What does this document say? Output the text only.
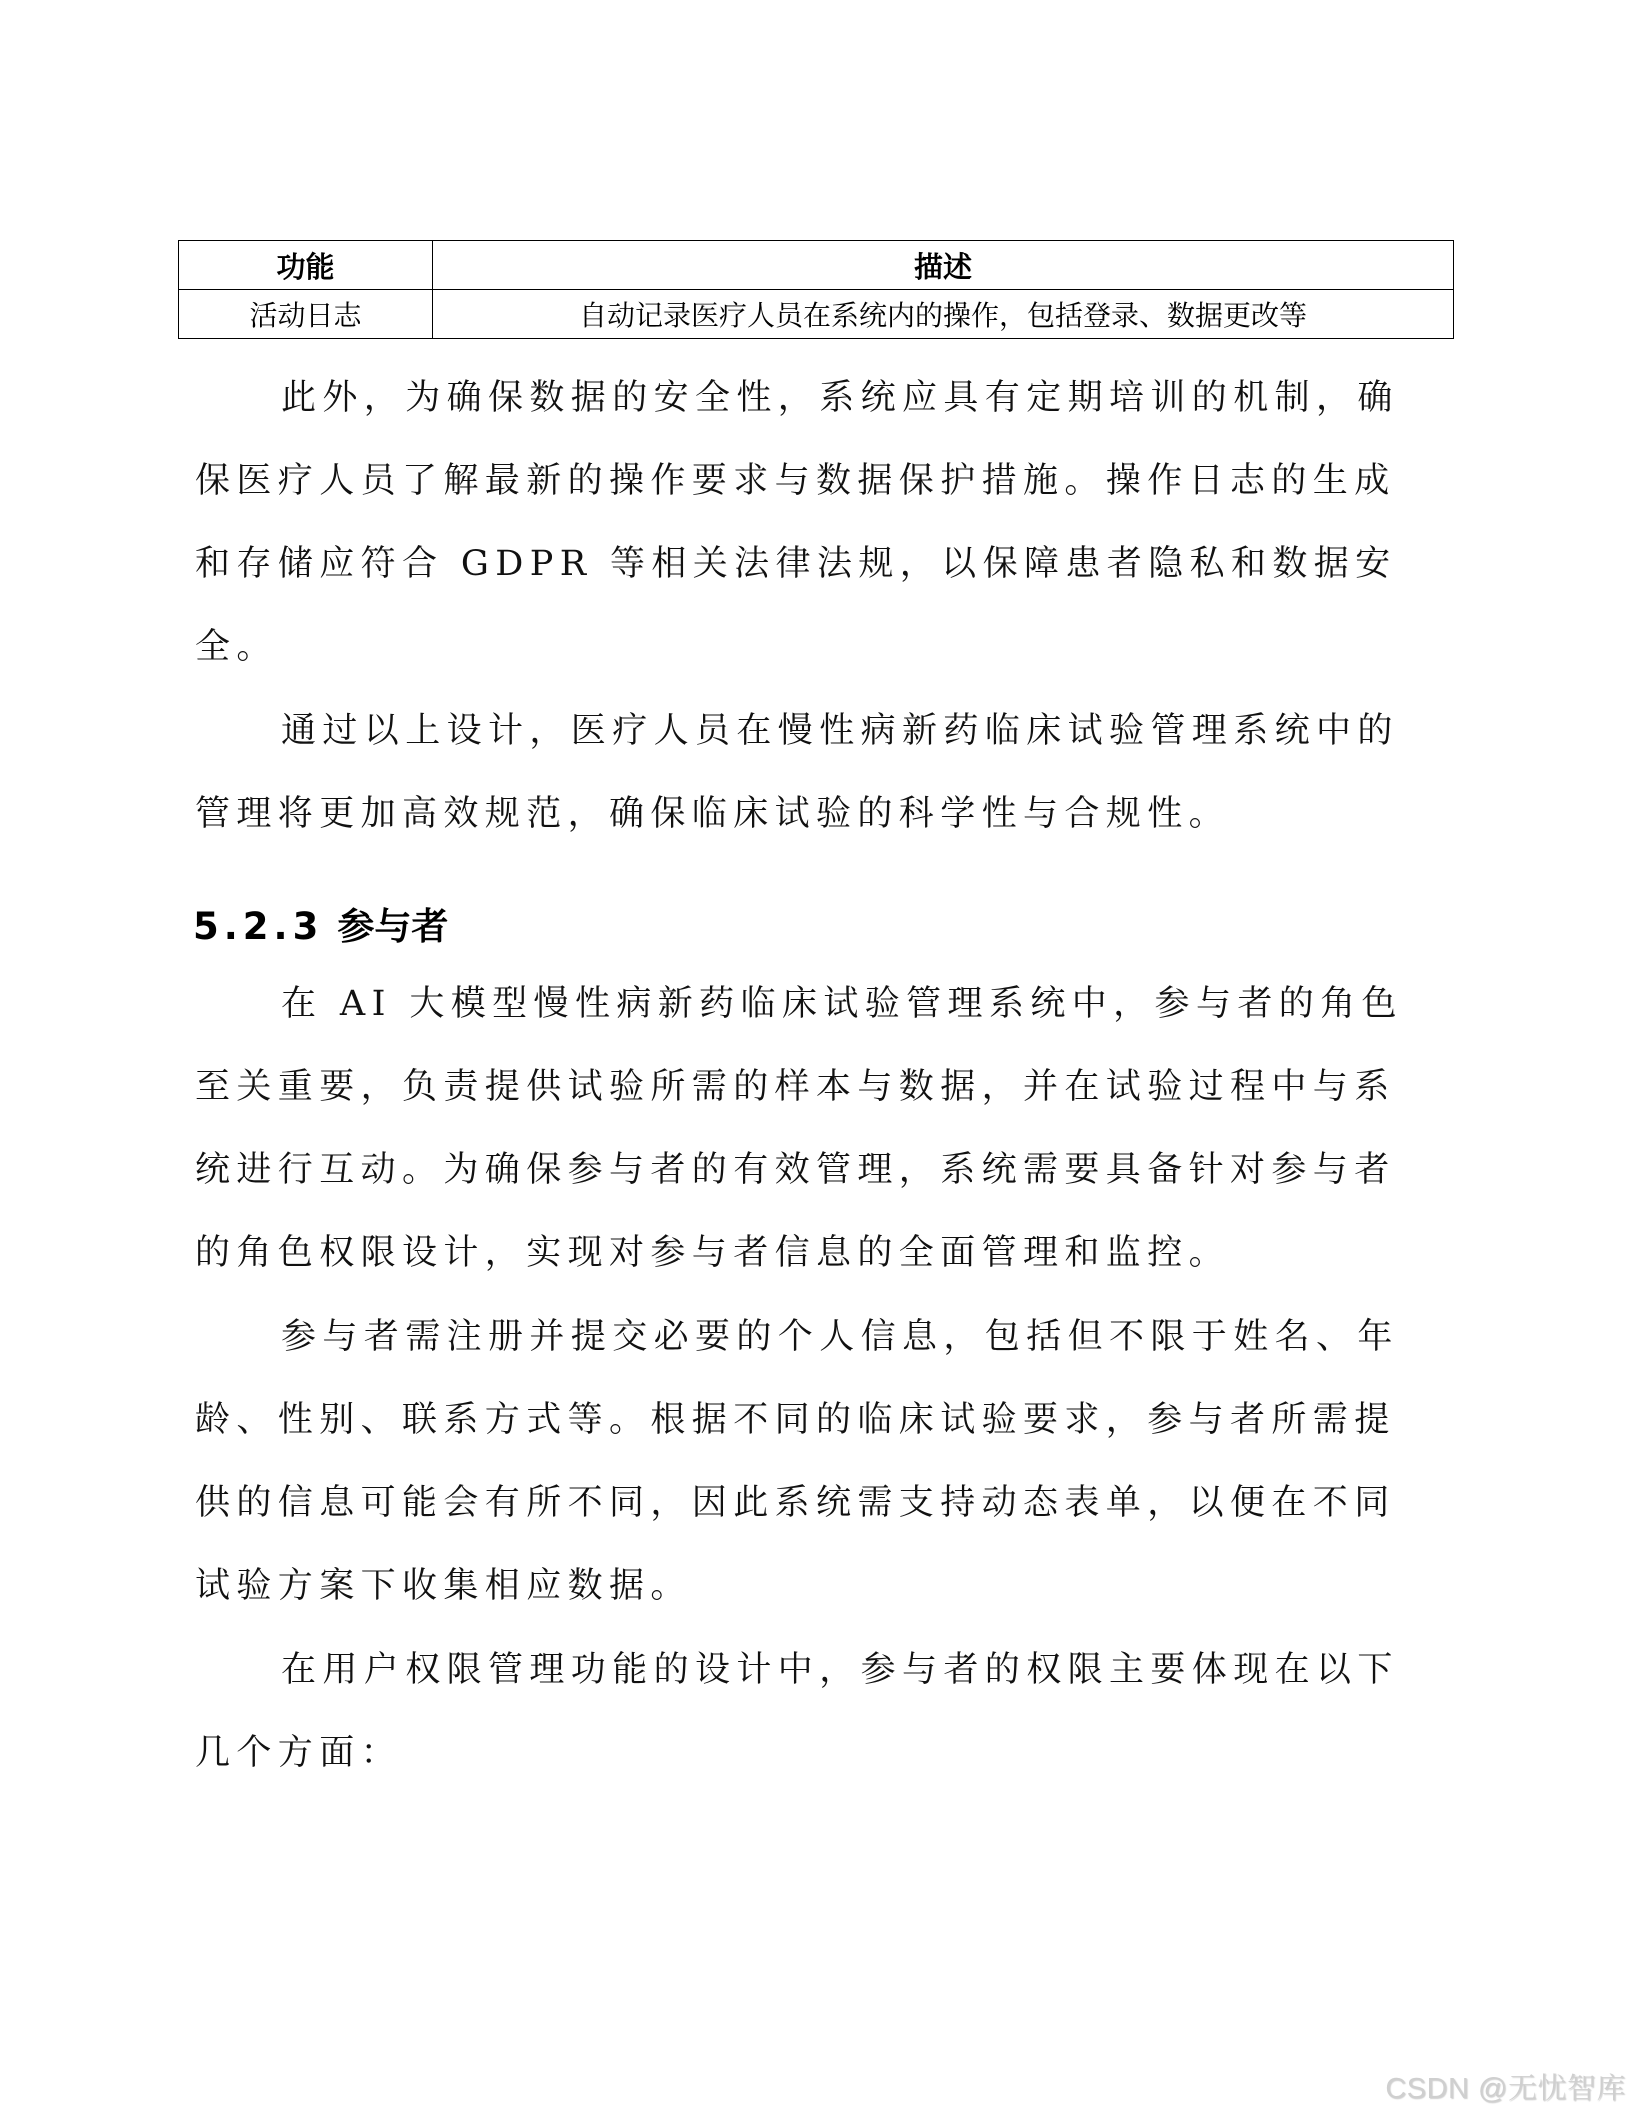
功能	描述
活动日志	自动记录医疗人员在系统内的操作，包括登录、数据更改等

此外，为确保数据的安全性，系统应具有定期培训的机制，确
保医疗人员了解最新的操作要求与数据保护措施。操作日志的生成
和存储应符合 GDPR 等相关法律法规，以保障患者隐私和数据安
全。

通过以上设计，医疗人员在慢性病新药临床试验管理系统中的
管理将更加高效规范，确保临床试验的科学性与合规性。

5.2.3 参与者

在 AI 大模型慢性病新药临床试验管理系统中，参与者的角色
至关重要，负责提供试验所需的样本与数据，并在试验过程中与系
统进行互动。为确保参与者的有效管理，系统需要具备针对参与者
的角色权限设计，实现对参与者信息的全面管理和监控。

参与者需注册并提交必要的个人信息，包括但不限于姓名、年
龄、性别、联系方式等。根据不同的临床试验要求，参与者所需提
供的信息可能会有所不同，因此系统需支持动态表单，以便在不同
试验方案下收集相应数据。

在用户权限管理功能的设计中，参与者的权限主要体现在以下
几个方面：

CSDN @无忧智库
